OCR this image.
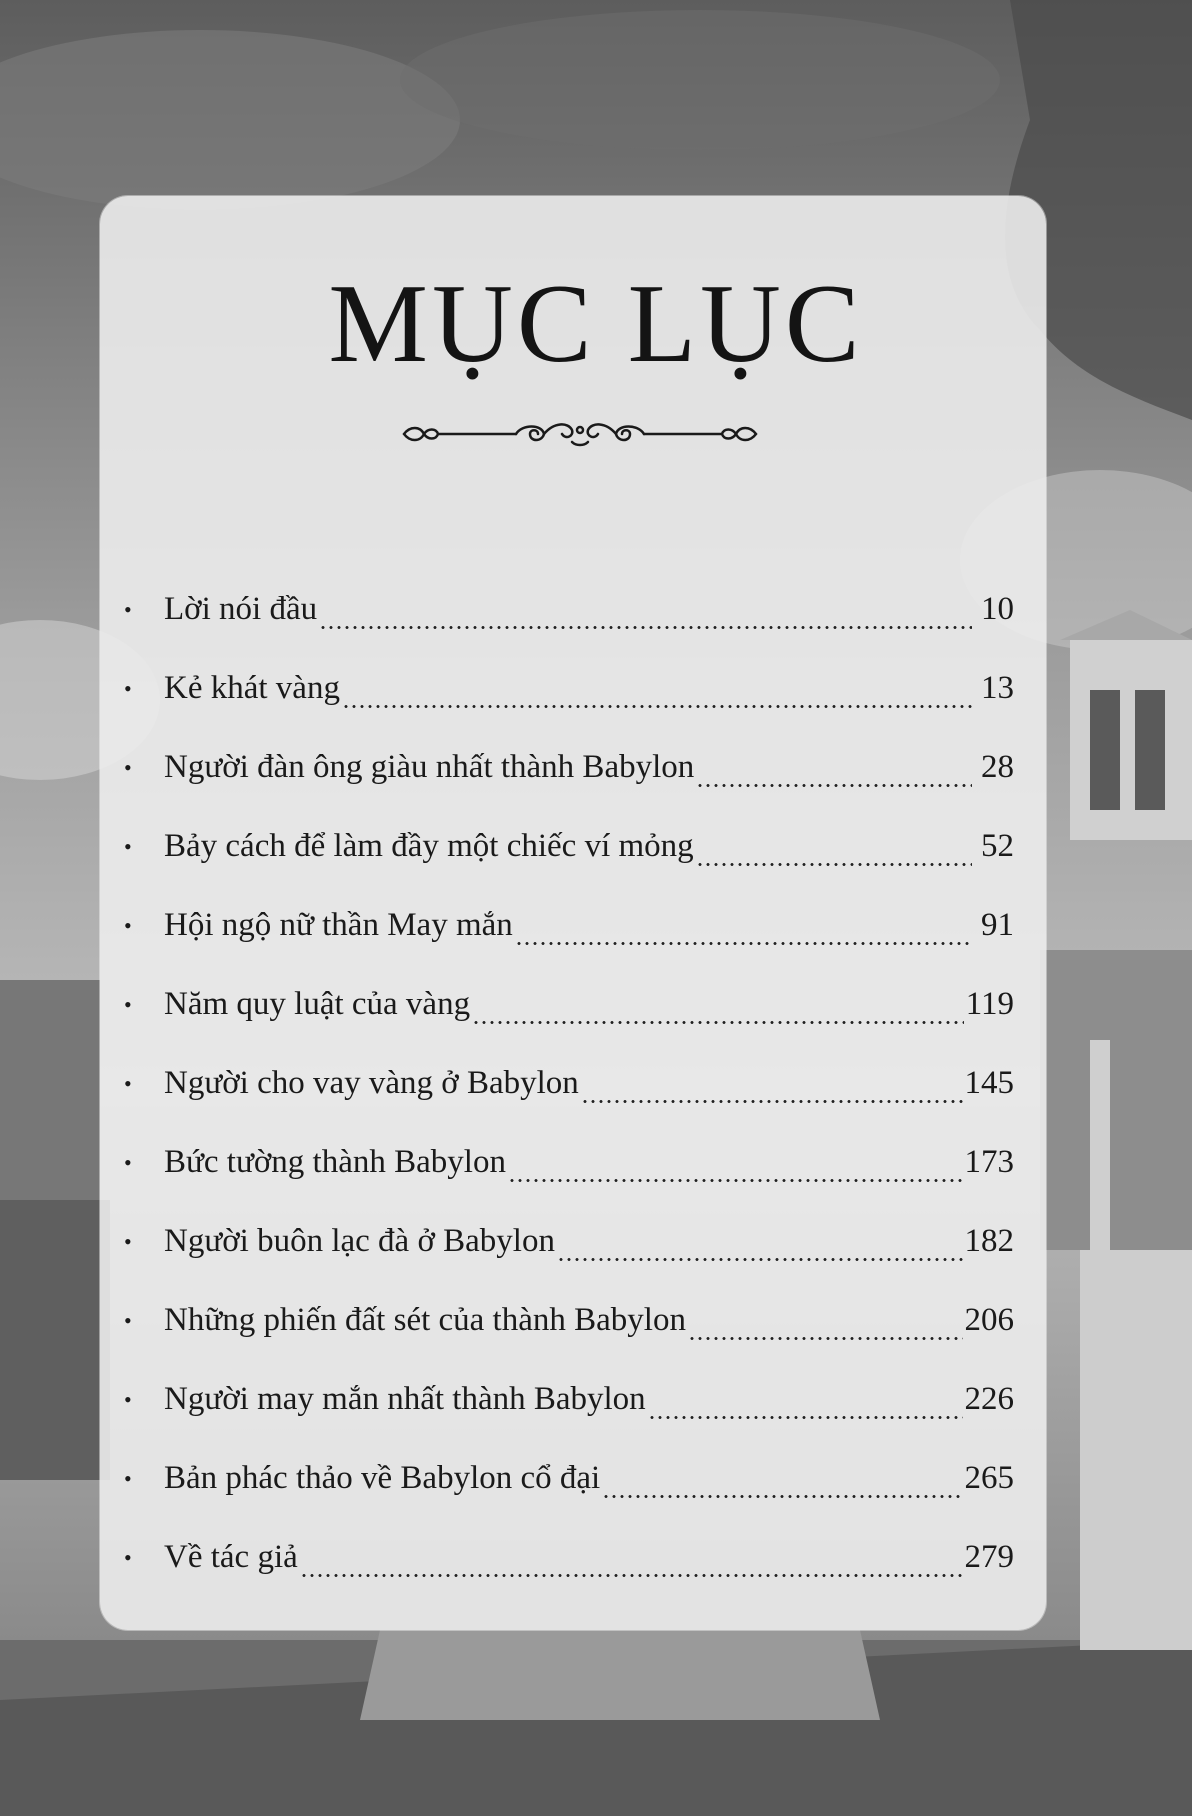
MỤC LỤC
• Lời nói đầu	10
• Kẻ khát vàng	13
• Người đàn ông giàu nhất thành Babylon	28
• Bảy cách để làm đầy một chiếc ví mỏng	52
• Hội ngộ nữ thần May mắn	91
• Năm quy luật của vàng	119
• Người cho vay vàng ở Babylon	145
• Bức tường thành Babylon	173
• Người buôn lạc đà ở Babylon	182
• Những phiến đất sét của thành Babylon	206
• Người may mắn nhất thành Babylon	226
• Bản phác thảo về Babylon cổ đại	265
• Về tác giả	279
